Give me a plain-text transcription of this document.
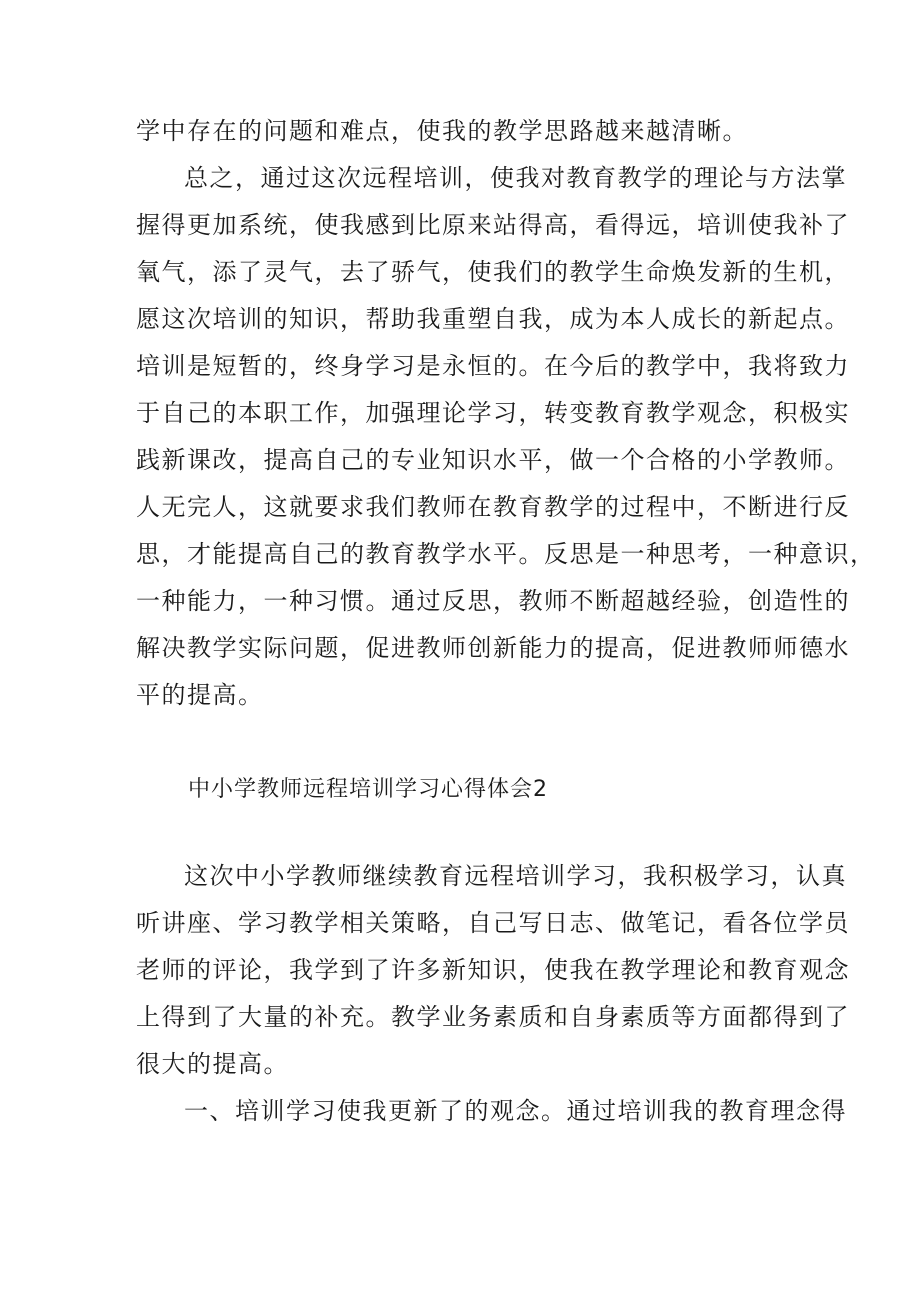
学中存在的问题和难点，使我的教学思路越来越清晰。
总之，通过这次远程培训，使我对教育教学的理论与方法掌
握得更加系统，使我感到比原来站得高，看得远，培训使我补了
氧气，添了灵气，去了骄气，使我们的教学生命焕发新的生机，
愿这次培训的知识，帮助我重塑自我，成为本人成长的新起点。
培训是短暂的，终身学习是永恒的。在今后的教学中，我将致力
于自己的本职工作，加强理论学习，转变教育教学观念，积极实
践新课改，提高自己的专业知识水平，做一个合格的小学教师。
人无完人，这就要求我们教师在教育教学的过程中，不断进行反
思，才能提高自己的教育教学水平。反思是一种思考，一种意识，
一种能力，一种习惯。通过反思，教师不断超越经验，创造性的
解决教学实际问题，促进教师创新能力的提高，促进教师师德水
平的提高。
中小学教师远程培训学习心得体会2
这次中小学教师继续教育远程培训学习，我积极学习，认真
听讲座、学习教学相关策略，自己写日志、做笔记，看各位学员
老师的评论，我学到了许多新知识，使我在教学理论和教育观念
上得到了大量的补充。教学业务素质和自身素质等方面都得到了
很大的提高。
一、培训学习使我更新了的观念。通过培训我的教育理念得
